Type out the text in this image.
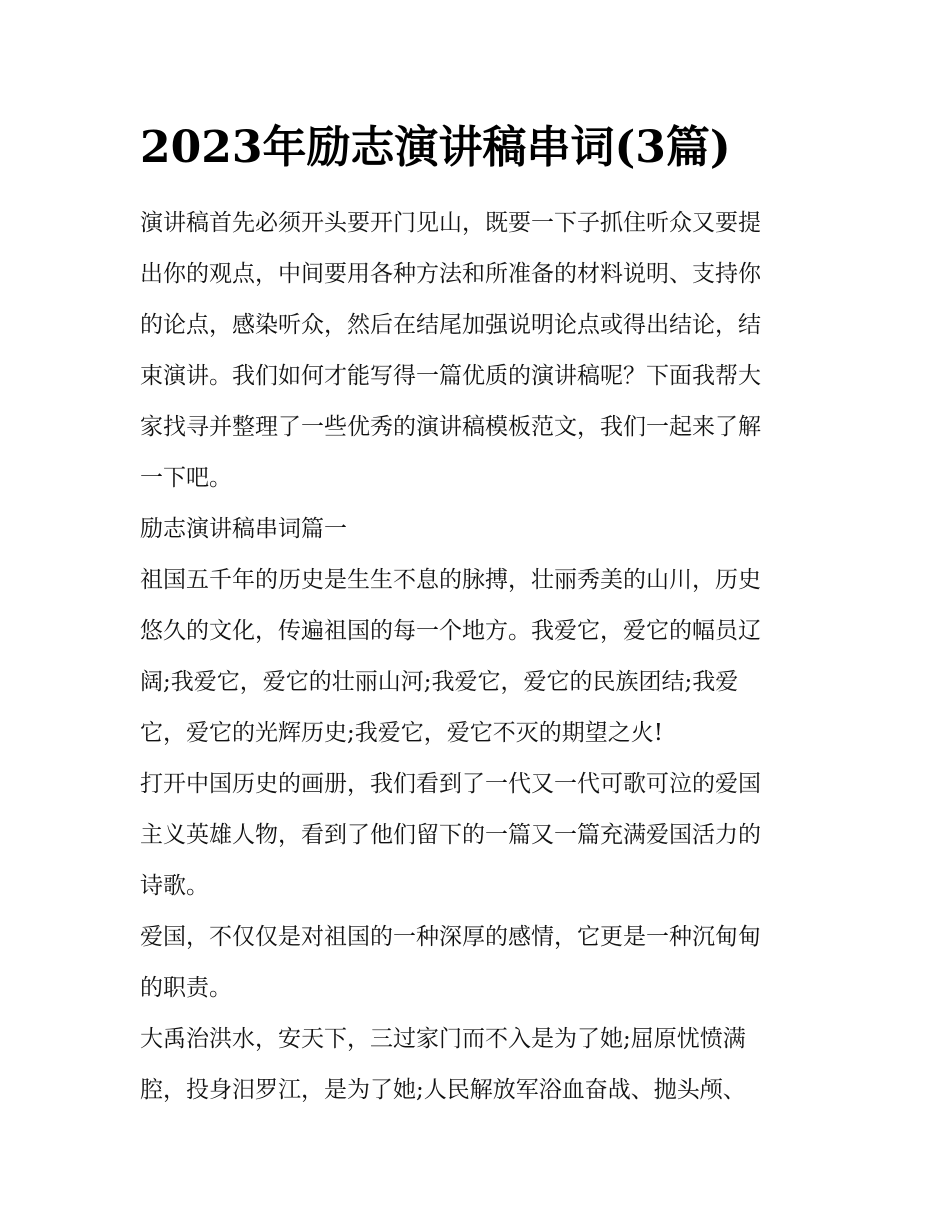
2023年励志演讲稿串词(3篇)
演讲稿首先必须开头要开门见山，既要一下子抓住听众又要提
出你的观点，中间要用各种方法和所准备的材料说明、支持你
的论点，感染听众，然后在结尾加强说明论点或得出结论，结
束演讲。我们如何才能写得一篇优质的演讲稿呢？下面我帮大
家找寻并整理了一些优秀的演讲稿模板范文，我们一起来了解
一下吧。
励志演讲稿串词篇一
祖国五千年的历史是生生不息的脉搏，壮丽秀美的山川，历史
悠久的文化，传遍祖国的每一个地方。我爱它，爱它的幅员辽
阔;我爱它，爱它的壮丽山河;我爱它，爱它的民族团结;我爱
它，爱它的光辉历史;我爱它，爱它不灭的期望之火!
打开中国历史的画册，我们看到了一代又一代可歌可泣的爱国
主义英雄人物，看到了他们留下的一篇又一篇充满爱国活力的
诗歌。
爱国，不仅仅是对祖国的一种深厚的感情，它更是一种沉甸甸
的职责。
大禹治洪水，安天下，三过家门而不入是为了她;屈原忧愤满
腔，投身汨罗江，是为了她;人民解放军浴血奋战、抛头颅、
